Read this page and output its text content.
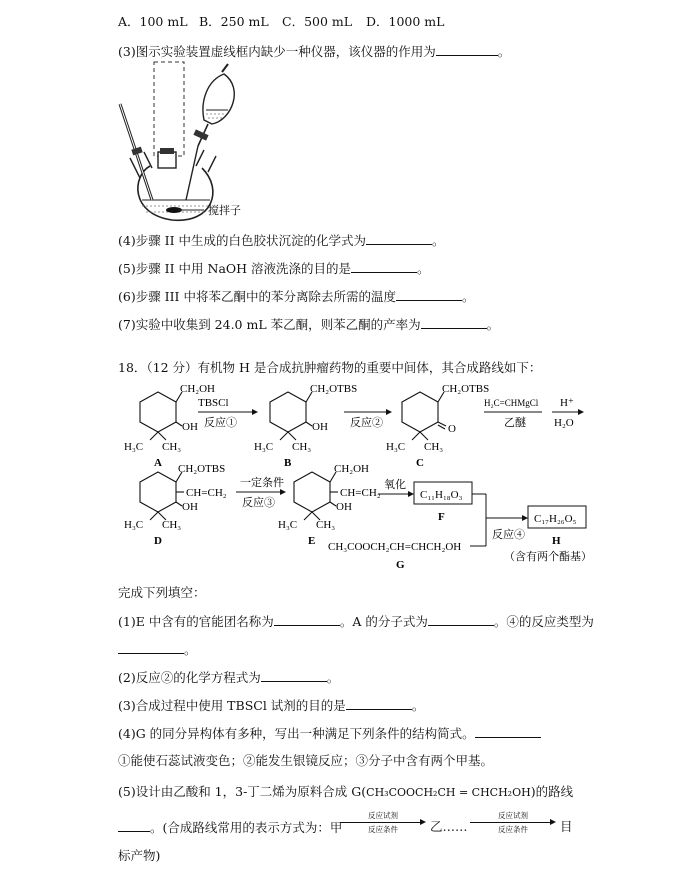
A．100 mL B．250 mL C．500 mL D．1000 mL
(3)图示实验装置虚线框内缺少一种仪器，该仪器的作用为	。
搅拌子
(4)步骤 II 中生成的白色胶状沉淀的化学式为	。
(5)步骤 II 中用 NaOH 溶液洗涤的目的是	。
(6)步骤 III 中将苯乙酮中的苯分离除去所需的温度	。
(7)实验中收集到 24.0 mL 苯乙酮，则苯乙酮的产率为	。
18．（12 分）有机物 H 是合成抗肿瘤药物的重要中间体，其合成路线如下：
CH₂OH
OH
H₃C CH₃
A
TBSCl
反应①
CH₂OTBS
OH
H₃C CH₃
B
反应②
CH₂OTBS
O
H₃C CH₃
C
H₂C=CHMgCl
乙醚
H⁺
H₂O
CH₂OTBS
CH=CH₂
OH
H₃C CH₃
D
一定条件
反应③
CH₂OH
CH=CH₂
OH
H₃C CH₃
E
氧化
C₁₁H₁₈O₃
F
反应④
C₁₇H₂₆O₅
H
（含有两个酯基）
CH₃COOCH₂CH=CHCH₂OH
G
完成下列填空：
(1)E 中含有的官能团名称为	。A 的分子式为	。④的反应类型为
。
(2)反应②的化学方程式为	。
(3)合成过程中使用 TBSCl 试剂的目的是	。
(4)G 的同分异构体有多种，写出一种满足下列条件的结构简式。
①能使石蕊试液变色；②能发生银镜反应；③分子中含有两个甲基。
(5)设计由乙酸和 1，3-丁二烯为原料合成 G(CH₃COOCH₂CH = CHCH₂OH)的路线
。(合成路线常用的表示方式为：甲
反应试剂
反应条件	乙……
反应试剂
反应条件	目
标产物)
